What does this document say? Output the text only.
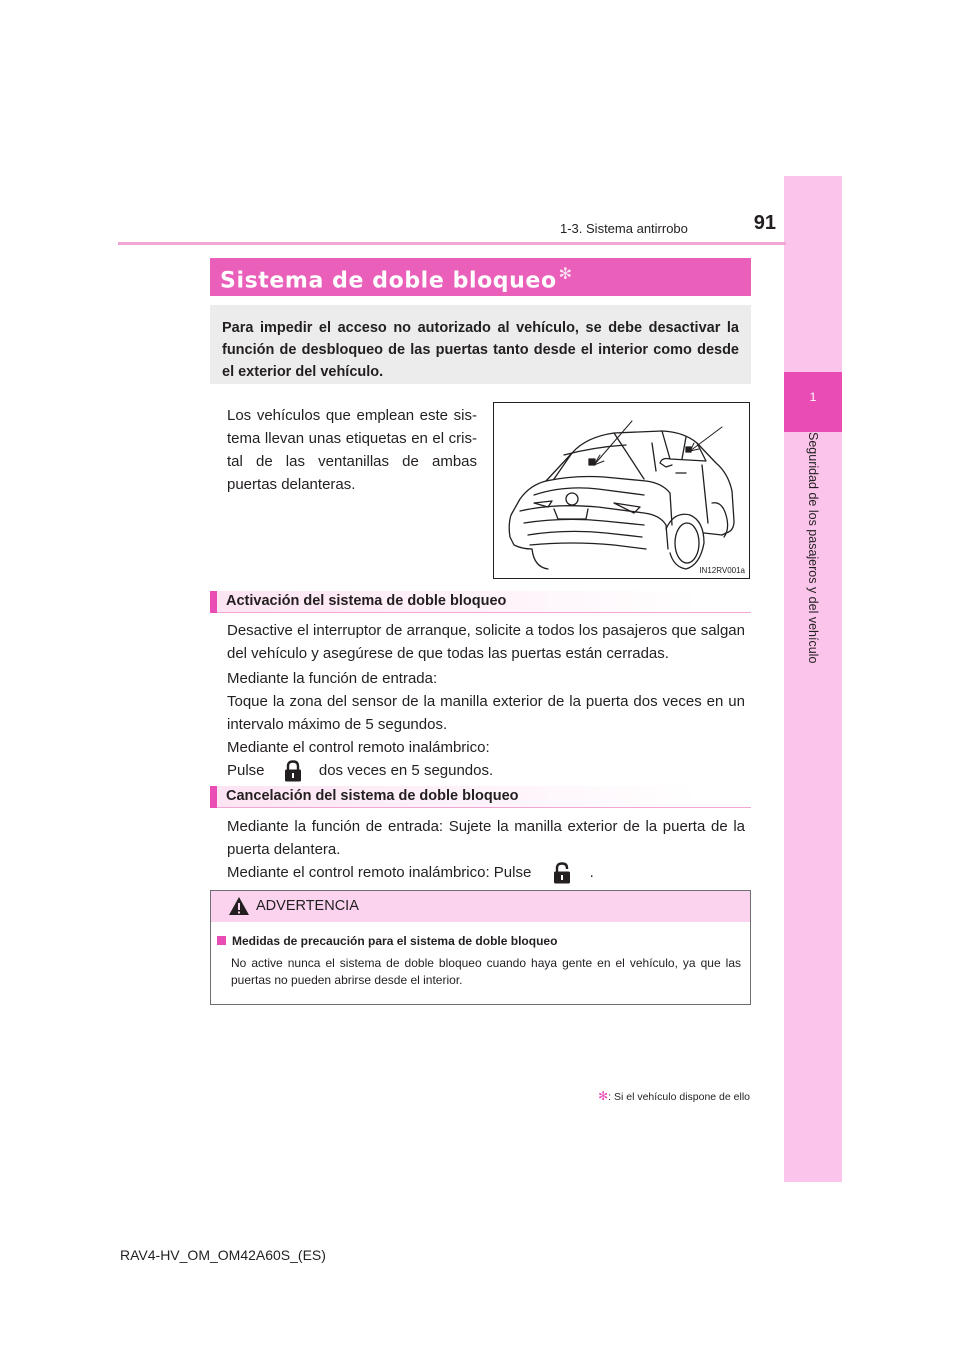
1
Seguridad de los pasajeros y del vehículo
1-3. Sistema antirrobo	91
Sistema de doble bloqueo ✻

Para impedir el acceso no autorizado al vehículo, se debe desactivar la función de desbloqueo de las puertas tanto desde el interior como desde el exterior del vehículo.

Los vehículos que emplean este sis-
tema llevan unas etiquetas en el cris-
tal de las ventanillas de ambas
puertas delanteras.
IN12RV001a
Activación del sistema de doble bloqueo
Desactive el interruptor de arranque, solicite a todos los pasajeros que salgan del vehículo y asegúrese de que todas las puertas están cerradas.
Mediante la función de entrada:
Toque la zona del sensor de la manilla exterior de la puerta dos veces en un intervalo máximo de 5 segundos.
Mediante el control remoto inalámbrico:
Pulse	dos veces en 5 segundos.
Cancelación del sistema de doble bloqueo
Mediante la función de entrada: Sujete la manilla exterior de la puerta de la puerta delantera.
Mediante el control remoto inalámbrico: Pulse	.
ADVERTENCIA
Medidas de precaución para el sistema de doble bloqueo
No active nunca el sistema de doble bloqueo cuando haya gente en el vehículo, ya que las puertas no pueden abrirse desde el interior.
✻: Si el vehículo dispone de ello
RAV4-HV_OM_OM42A60S_(ES)
